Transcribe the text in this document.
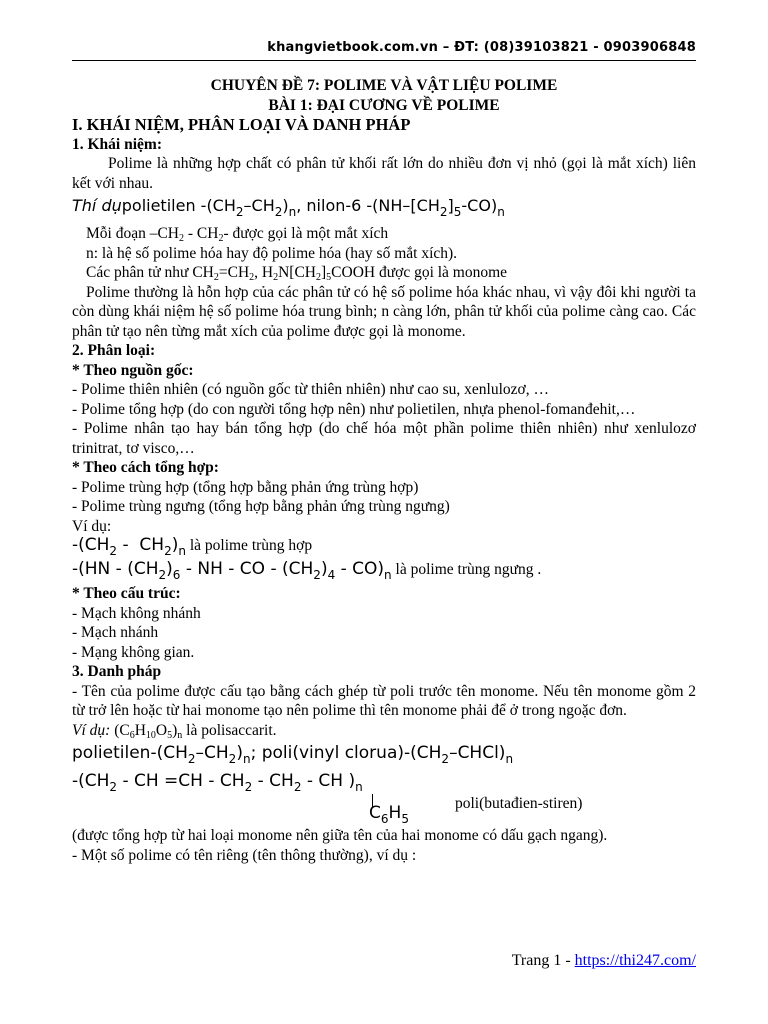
khangvietbook.com.vn – ĐT: (08)39103821 - 0903906848

CHUYÊN ĐỀ 7: POLIME VÀ VẬT LIỆU POLIME

BÀI 1: ĐẠI CƯƠNG VỀ POLIME

I. KHÁI NIỆM, PHÂN LOẠI VÀ DANH PHÁP

1. Khái niệm:

Polime là những hợp chất có phân tử khối rất lớn do nhiều đơn vị nhỏ (gọi là mắt xích) liên kết với nhau.

Thí dụpolietilen $-(CH_2-CH_2)_n$, nilon-6 $-(NH-[CH_2]_5-CO)_n$

Mỗi đoạn $-CH_2 - CH_2-$ được gọi là một mắt xích

n: là hệ số polime hóa hay độ polime hóa (hay số mắt xích).

Các phân tử như $CH_2=CH_2$, $H_2N[CH_2]_5COOH$ được gọi là monome

Polime thường là hỗn hợp của các phân tử có hệ số polime hóa khác nhau, vì vậy đôi khi người ta còn dùng khái niệm hệ số polime hóa trung bình; n càng lớn, phân tử khối của polime càng cao. Các phân tử tạo nên từng mắt xích của polime được gọi là monome.

2. Phân loại:

* Theo nguồn gốc:

- Polime thiên nhiên (có nguồn gốc từ thiên nhiên) như cao su, xenlulozơ, …

- Polime tổng hợp (do con người tổng hợp nên) như polietilen, nhựa phenol-fomanđehit,…

- Polime nhân tạo hay bán tổng hợp (do chế hóa một phần polime thiên nhiên) như xenlulozơ trinitrat, tơ visco,…

* Theo cách tổng hợp:

- Polime trùng hợp (tổng hợp bằng phản ứng trùng hợp)

- Polime trùng ngưng (tổng hợp bằng phản ứng trùng ngưng)

Ví dụ:

$-(CH_2 - CH_2)_n$ là polime trùng hợp

$-(HN - (CH_2)_6$ - NH - CO - $(CH_2)_4 - CO)_n$ là polime trùng ngưng .

* Theo cấu trúc:

- Mạch không nhánh

- Mạch nhánh

- Mạng không gian.

3. Danh pháp

- Tên của polime được cấu tạo bằng cách ghép từ poli trước tên monome. Nếu tên monome gồm 2 từ trở lên hoặc từ hai monome tạo nên polime thì tên monome phải để ở trong ngoặc đơn.

Ví dụ: $(C_6H_{10}O_5)_n$ là polisaccarit.

polietilen-$(CH_2-CH_2)_n$; poli(vinyl $clorua)-(CH_2-CHCl)_n$

$-(CH_2$ - CH $=CH - CH_2 - CH_2$ - CH )$_n$
$C_6H_5$
poli(butađien-stiren)

(được tổng hợp từ hai loại monome nên giữa tên của hai monome có dấu gạch ngang).

- Một số polime có tên riêng (tên thông thường), ví dụ :

Trang 1 - https://thi247.com/
